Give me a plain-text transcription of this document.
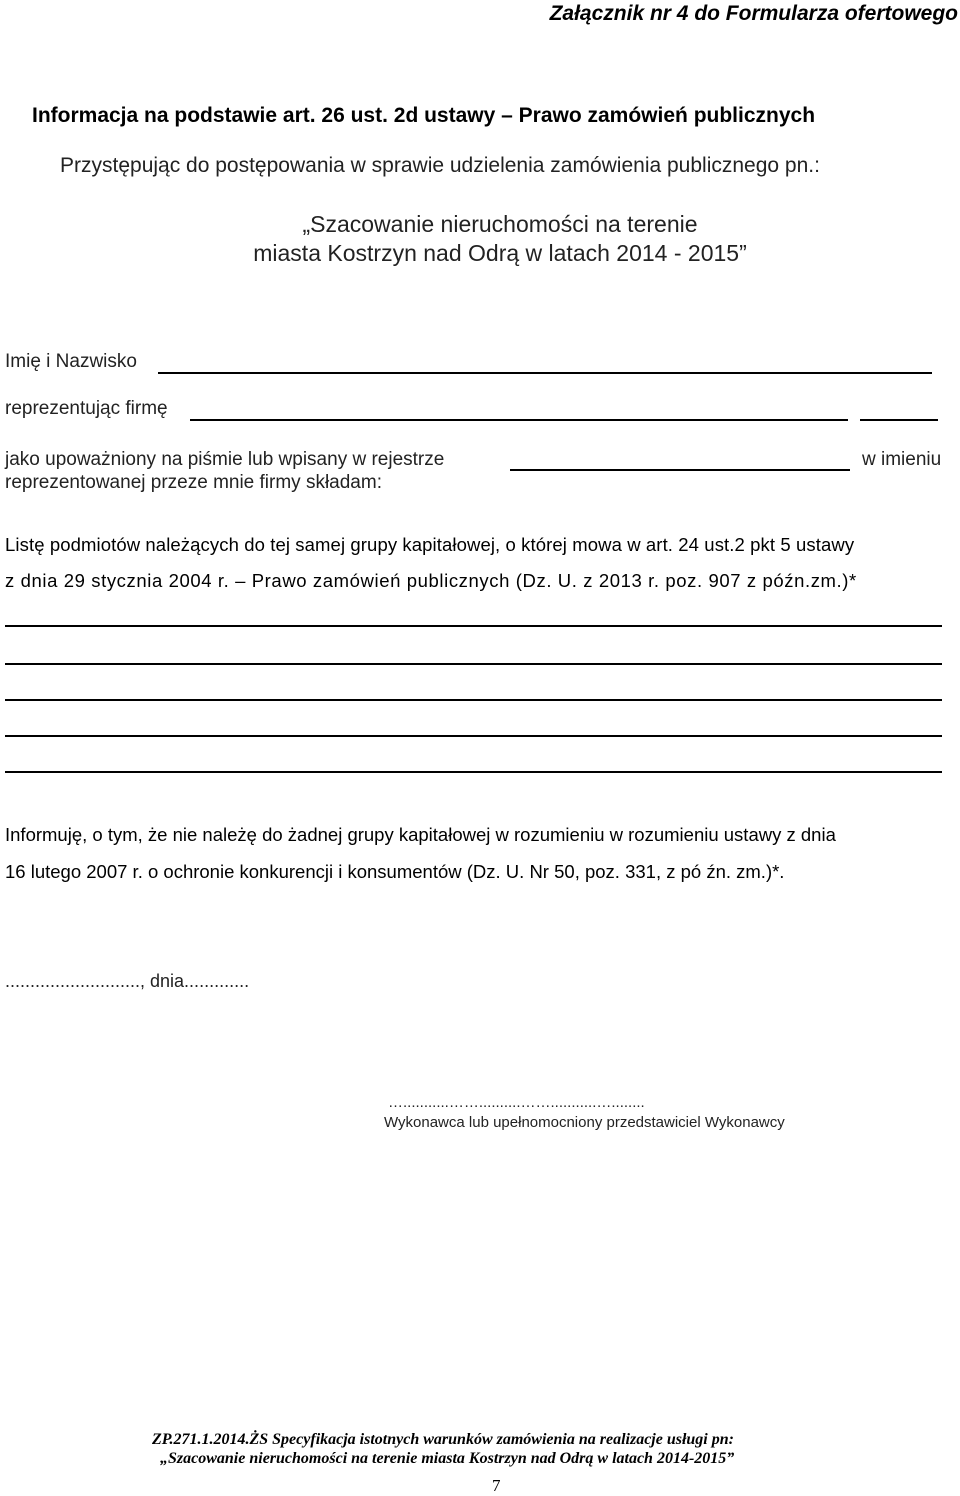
Załącznik nr 4 do Formularza ofertowego
Informacja na podstawie art. 26 ust. 2d ustawy – Prawo zamówień publicznych
Przystępując do postępowania w sprawie udzielenia zamówienia publicznego pn.:
„Szacowanie nieruchomości na terenie
miasta Kostrzyn nad Odrą w latach 2014 - 2015”
Imię i Nazwisko
reprezentując firmę
jako upoważniony na piśmie lub wpisany w rejestrze	w imieniu
reprezentowanej przeze mnie firmy składam:
Listę podmiotów należących do tej samej grupy kapitałowej, o której mowa w art. 24 ust.2 pkt 5 ustawy
z dnia 29 stycznia 2004 r. – Prawo zamówień publicznych (Dz. U. z 2013 r. poz. 907 z późn.zm.)*
Informuję, o tym, że nie należę do żadnej grupy kapitałowej w rozumieniu w rozumieniu ustawy z dnia
16 lutego 2007 r. o ochronie konkurencji i konsumentów (Dz. U. Nr 50, poz. 331, z pó źn. zm.)*.
..........................., dnia.............
…...........……..........……...........…........
Wykonawca lub upełnomocniony przedstawiciel Wykonawcy
ZP.271.1.2014.ŻS Specyfikacja istotnych warunków zamówienia na realizacje usługi pn:
„Szacowanie nieruchomości na terenie miasta Kostrzyn nad Odrą w latach 2014-2015”
7
